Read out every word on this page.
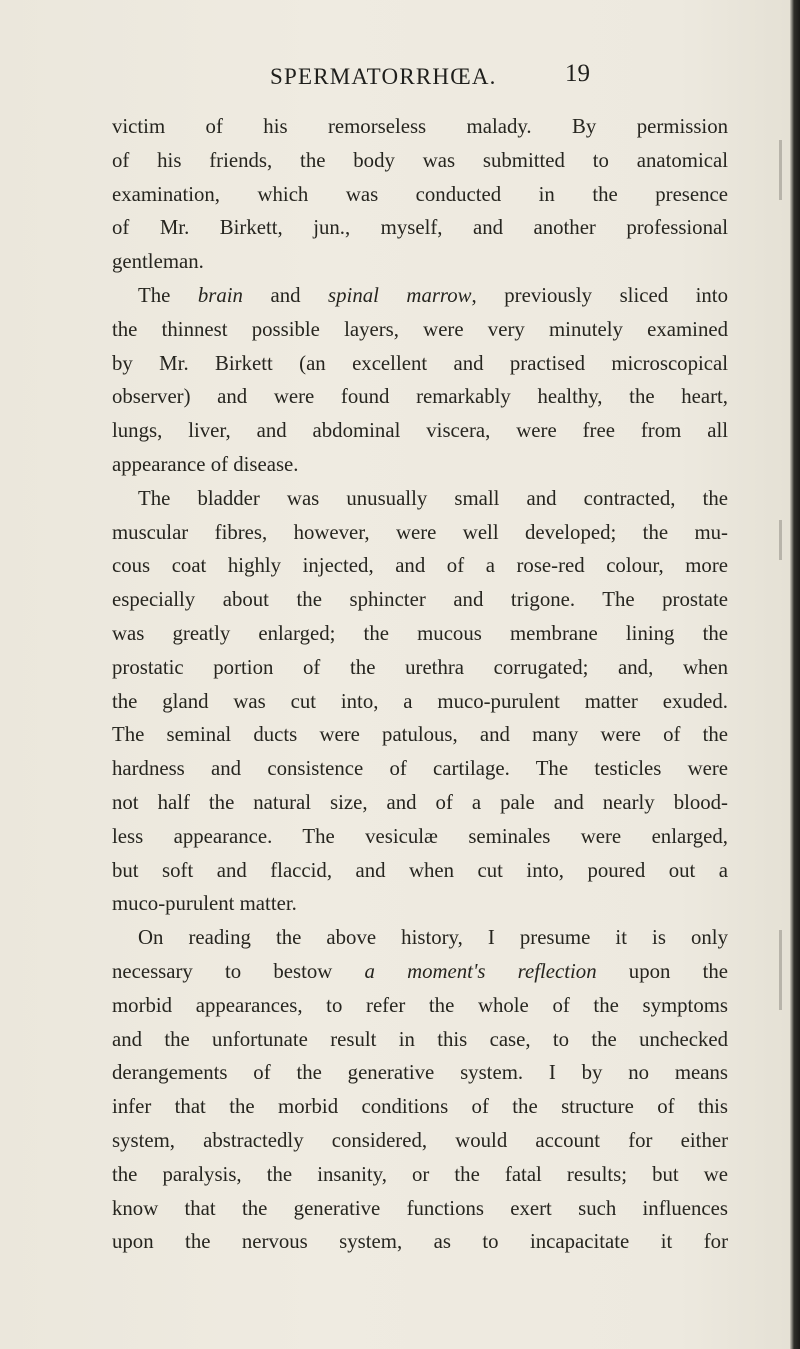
SPERMATORRHŒA.	19
victim of his remorseless malady. By permission
of his friends, the body was submitted to anatomical
examination, which was conducted in the presence
of Mr. Birkett, jun., myself, and another professional
gentleman.
The brain and spinal marrow, previously sliced into
the thinnest possible layers, were very minutely examined
by Mr. Birkett (an excellent and practised microscopical
observer) and were found remarkably healthy, the heart,
lungs, liver, and abdominal viscera, were free from all
appearance of disease.
The bladder was unusually small and contracted, the
muscular fibres, however, were well developed; the mu-
cous coat highly injected, and of a rose-red colour, more
especially about the sphincter and trigone. The prostate
was greatly enlarged; the mucous membrane lining the
prostatic portion of the urethra corrugated; and, when
the gland was cut into, a muco-purulent matter exuded.
The seminal ducts were patulous, and many were of the
hardness and consistence of cartilage. The testicles were
not half the natural size, and of a pale and nearly blood-
less appearance. The vesiculæ seminales were enlarged,
but soft and flaccid, and when cut into, poured out a
muco-purulent matter.
On reading the above history, I presume it is only
necessary to bestow a moment's reflection upon the
morbid appearances, to refer the whole of the symptoms
and the unfortunate result in this case, to the unchecked
derangements of the generative system. I by no means
infer that the morbid conditions of the structure of this
system, abstractedly considered, would account for either
the paralysis, the insanity, or the fatal results; but we
know that the generative functions exert such influences
upon the nervous system, as to incapacitate it for
